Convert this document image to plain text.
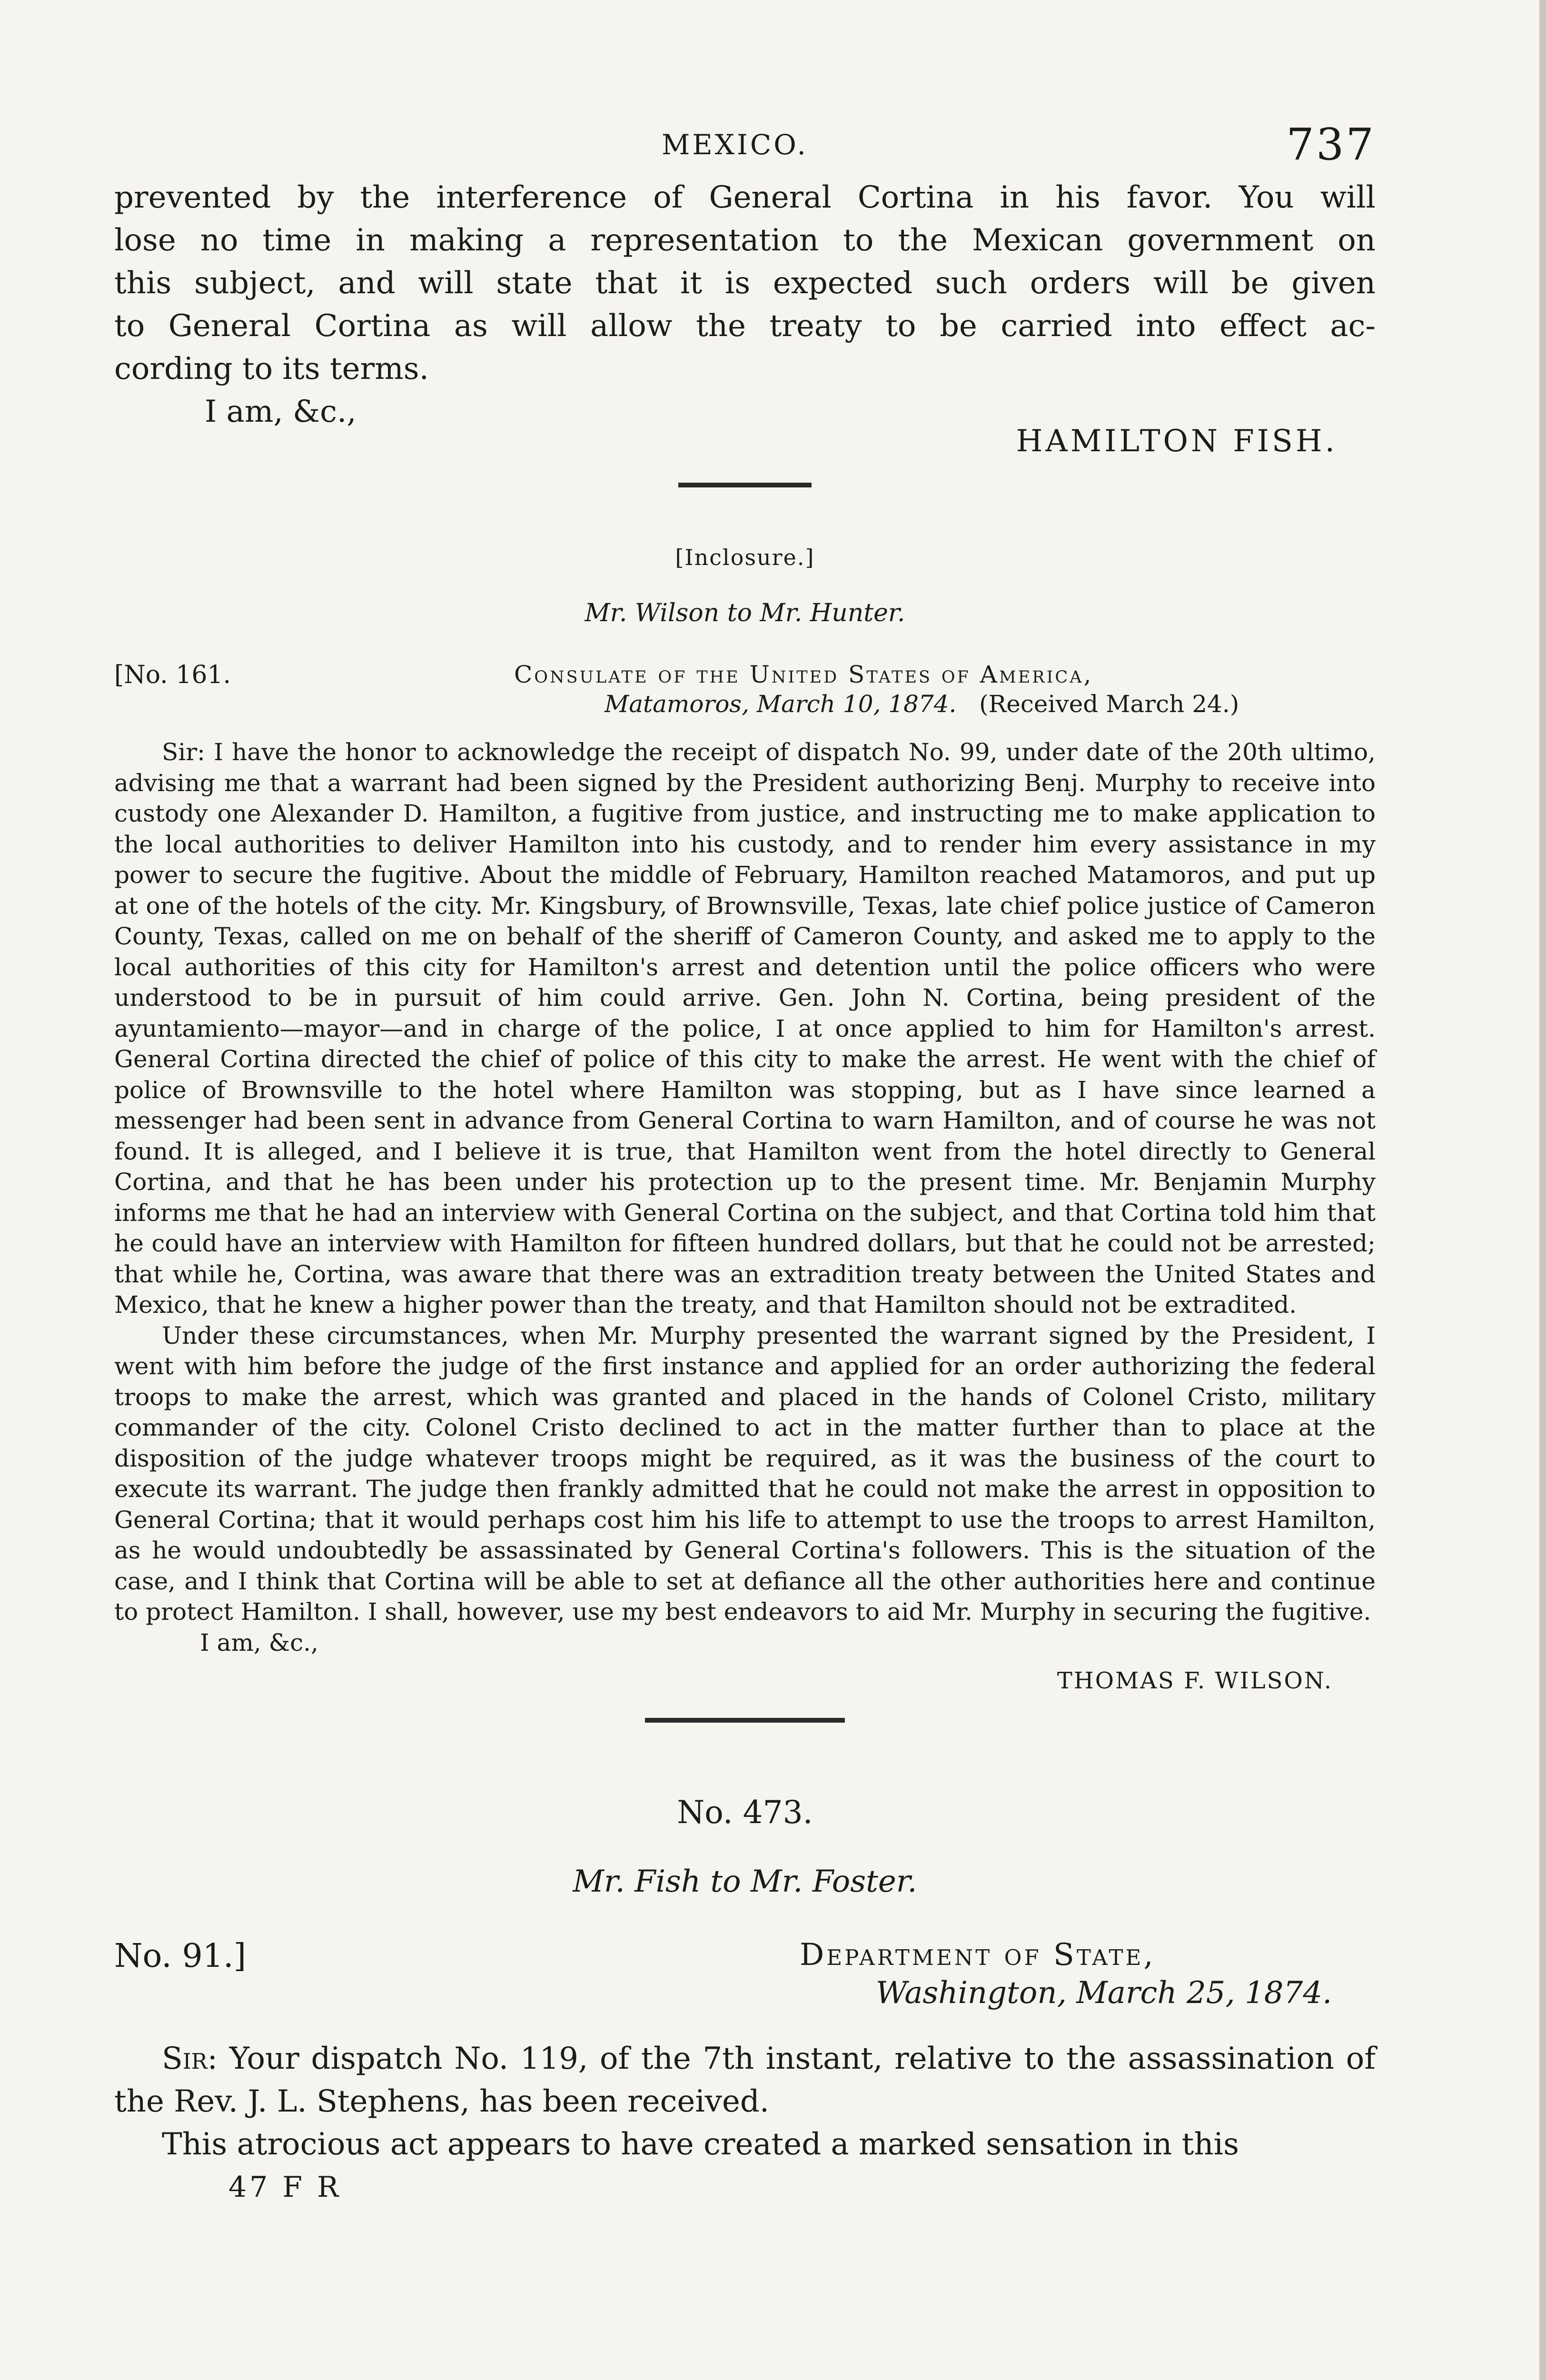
MEXICO.	737

prevented by the interference of General Cortina in his favor. You will

lose no time in making a representation to the Mexican government on

this subject, and will state that it is expected such orders will be given

to General Cortina as will allow the treaty to be carried into effect ac-

cording to its terms.

I am, &c.,
HAMILTON FISH.
[Inclosure.]
Mr. Wilson to Mr. Hunter.
[No. 161.	Consulate of the United States of America,
Matamoros, March 10, 1874. (Received March 24.)

Sir: I have the honor to acknowledge the receipt of dispatch No. 99, under date of the 20th ultimo, advising me that a warrant had been signed by the President authorizing Benj. Murphy to receive into custody one Alexander D. Hamilton, a fugitive from justice, and instructing me to make application to the local authorities to deliver Hamilton into his custody, and to render him every assistance in my power to secure the fugitive. About the middle of February, Hamilton reached Matamoros, and put up at one of the hotels of the city. Mr. Kingsbury, of Brownsville, Texas, late chief police justice of Cameron County, Texas, called on me on behalf of the sheriff of Cameron County, and asked me to apply to the local authorities of this city for Hamilton's arrest and detention until the police officers who were understood to be in pursuit of him could arrive. Gen. John N. Cortina, being president of the ayuntamiento—mayor—and in charge of the police, I at once applied to him for Hamilton's arrest. General Cortina directed the chief of police of this city to make the arrest. He went with the chief of police of Brownsville to the hotel where Hamilton was stopping, but as I have since learned a messenger had been sent in advance from General Cortina to warn Hamilton, and of course he was not found. It is alleged, and I believe it is true, that Hamilton went from the hotel directly to General Cortina, and that he has been under his protection up to the present time. Mr. Benjamin Murphy informs me that he had an interview with General Cortina on the subject, and that Cortina told him that he could have an interview with Hamilton for fifteen hundred dollars, but that he could not be arrested; that while he, Cortina, was aware that there was an extradition treaty between the United States and Mexico, that he knew a higher power than the treaty, and that Hamilton should not be extradited.

Under these circumstances, when Mr. Murphy presented the warrant signed by the President, I went with him before the judge of the first instance and applied for an order authorizing the federal troops to make the arrest, which was granted and placed in the hands of Colonel Cristo, military commander of the city. Colonel Cristo declined to act in the matter further than to place at the disposition of the judge whatever troops might be required, as it was the business of the court to execute its warrant. The judge then frankly admitted that he could not make the arrest in opposition to General Cortina; that it would perhaps cost him his life to attempt to use the troops to arrest Hamilton, as he would undoubtedly be assassinated by General Cortina's followers. This is the situation of the case, and I think that Cortina will be able to set at defiance all the other authorities here and continue to protect Hamilton. I shall, however, use my best endeavors to aid Mr. Murphy in securing the fugitive.

I am, &c.,
THOMAS F. WILSON.
No. 473.
Mr. Fish to Mr. Foster.
No. 91.]	Department of State,
Washington, March 25, 1874.

Sir: Your dispatch No. 119, of the 7th instant, relative to the assassination of the Rev. J. L. Stephens, has been received.

This atrocious act appears to have created a marked sensation in this

47 F R
